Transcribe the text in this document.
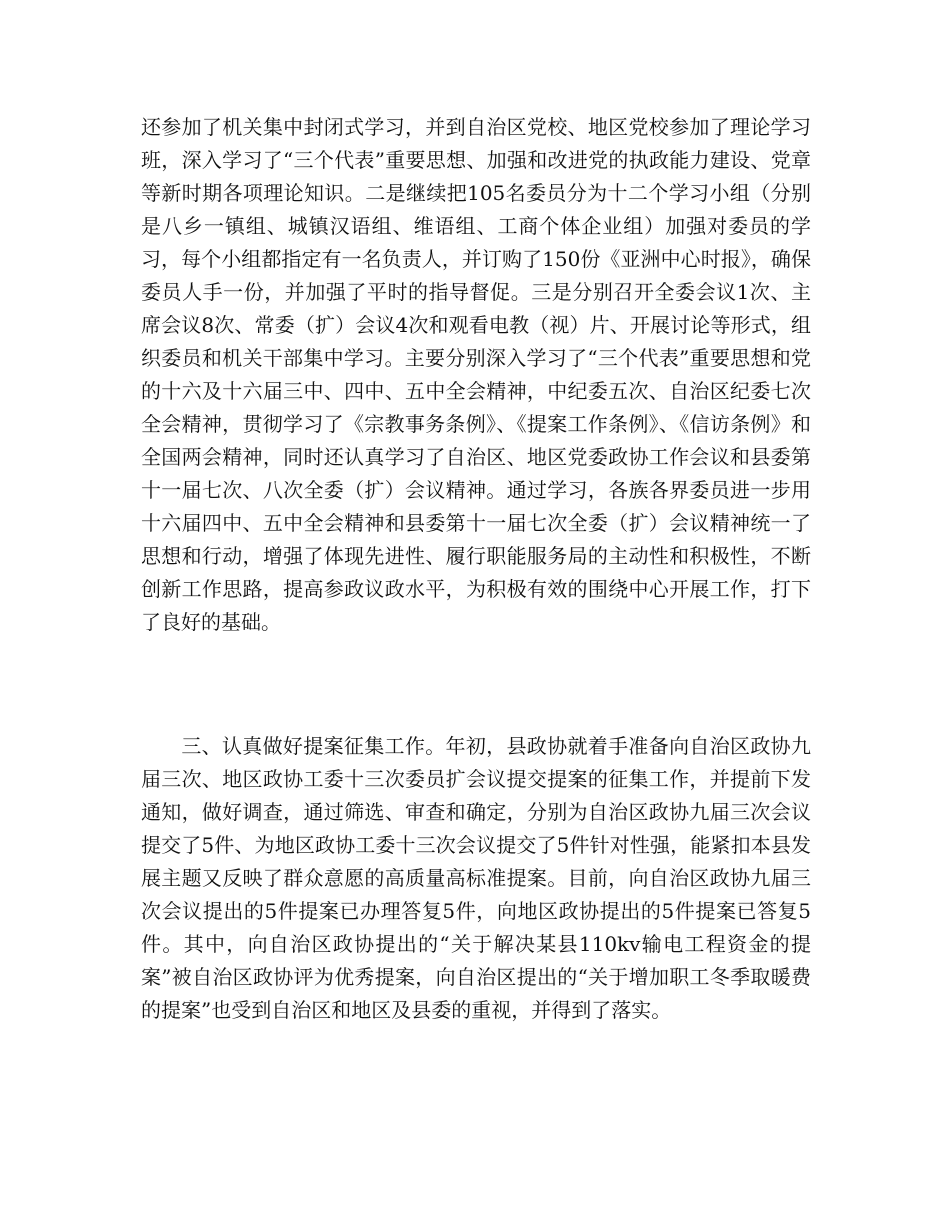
还参加了机关集中封闭式学习，并到自治区党校、地区党校参加了理论学习班，深入学习了“三个代表”重要思想、加强和改进党的执政能力建设、党章等新时期各项理论知识。二是继续把105名委员分为十二个学习小组（分别是八乡一镇组、城镇汉语组、维语组、工商个体企业组）加强对委员的学习，每个小组都指定有一名负责人，并订购了150份《亚洲中心时报》，确保委员人手一份，并加强了平时的指导督促。三是分别召开全委会议1次、主席会议8次、常委（扩）会议4次和观看电教（视）片、开展讨论等形式，组织委员和机关干部集中学习。主要分别深入学习了“三个代表”重要思想和党的十六及十六届三中、四中、五中全会精神，中纪委五次、自治区纪委七次全会精神，贯彻学习了《宗教事务条例》、《提案工作条例》、《信访条例》和全国两会精神，同时还认真学习了自治区、地区党委政协工作会议和县委第十一届七次、八次全委（扩）会议精神。通过学习，各族各界委员进一步用十六届四中、五中全会精神和县委第十一届七次全委（扩）会议精神统一了思想和行动，增强了体现先进性、履行职能服务局的主动性和积极性，不断创新工作思路，提高参政议政水平，为积极有效的围绕中心开展工作，打下了良好的基础。

三、认真做好提案征集工作。年初，县政协就着手准备向自治区政协九届三次、地区政协工委十三次委员扩会议提交提案的征集工作，并提前下发通知，做好调查，通过筛选、审查和确定，分别为自治区政协九届三次会议提交了5件、为地区政协工委十三次会议提交了5件针对性强，能紧扣本县发展主题又反映了群众意愿的高质量高标准提案。目前，向自治区政协九届三次会议提出的5件提案已办理答复5件，向地区政协提出的5件提案已答复5件。其中，向自治区政协提出的“关于解决某县110kv输电工程资金的提案”被自治区政协评为优秀提案，向自治区提出的“关于增加职工冬季取暖费的提案”也受到自治区和地区及县委的重视，并得到了落实。
